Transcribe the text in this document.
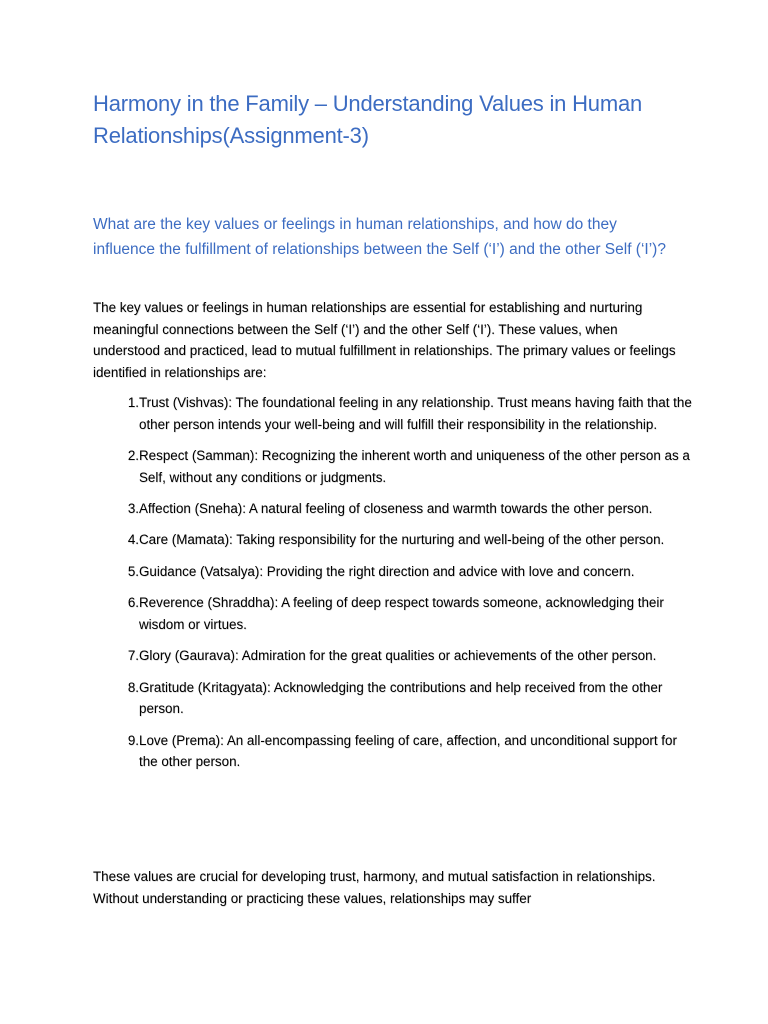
Harmony in the Family – Understanding Values in Human Relationships(Assignment-3)
What are the key values or feelings in human relationships, and how do they influence the fulfillment of relationships between the Self (‘I’) and the other Self (‘I’)?

The key values or feelings in human relationships are essential for establishing and nurturing meaningful connections between the Self (‘I’) and the other Self (‘I’). These values, when understood and practiced, lead to mutual fulfillment in relationships. The primary values or feelings identified in relationships are:

1. Trust (Vishvas): The foundational feeling in any relationship. Trust means having faith that the other person intends your well-being and will fulfill their responsibility in the relationship.
2. Respect (Samman): Recognizing the inherent worth and uniqueness of the other person as a Self, without any conditions or judgments.
3. Affection (Sneha): A natural feeling of closeness and warmth towards the other person.
4. Care (Mamata): Taking responsibility for the nurturing and well-being of the other person.
5. Guidance (Vatsalya): Providing the right direction and advice with love and concern.
6. Reverence (Shraddha): A feeling of deep respect towards someone, acknowledging their wisdom or virtues.
7. Glory (Gaurava): Admiration for the great qualities or achievements of the other person.
8. Gratitude (Kritagyata): Acknowledging the contributions and help received from the other person.
9. Love (Prema): An all-encompassing feeling of care, affection, and unconditional support for the other person.

These values are crucial for developing trust, harmony, and mutual satisfaction in relationships. Without understanding or practicing these values, relationships may suffer
